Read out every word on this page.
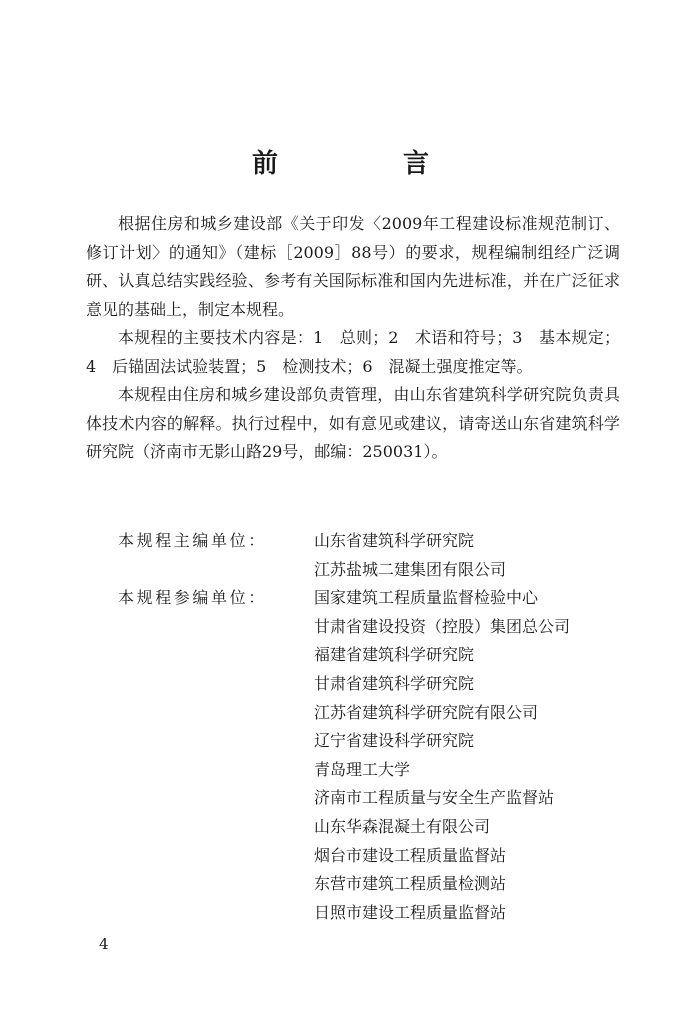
前 言

根据住房和城乡建设部《关于印发〈2009年工程建设标准规范制订、修订计划〉的通知》（建标［2009］88号）的要求，规程编制组经广泛调研、认真总结实践经验、参考有关国际标准和国内先进标准，并在广泛征求意见的基础上，制定本规程。

本规程的主要技术内容是：1　总则；2　术语和符号；3　基本规定；4　后锚固法试验装置；5　检测技术；6　混凝土强度推定等。

本规程由住房和城乡建设部负责管理，由山东省建筑科学研究院负责具体技术内容的解释。执行过程中，如有意见或建议，请寄送山东省建筑科学研究院（济南市无影山路29号，邮编：250031）。

本规程主编单位：	山东省建筑科学研究院
江苏盐城二建集团有限公司
本规程参编单位：	国家建筑工程质量监督检验中心
甘肃省建设投资（控股）集团总公司
福建省建筑科学研究院
甘肃省建筑科学研究院
江苏省建筑科学研究院有限公司
辽宁省建设科学研究院
青岛理工大学
济南市工程质量与安全生产监督站
山东华森混凝土有限公司
烟台市建设工程质量监督站
东营市建筑工程质量检测站
日照市建设工程质量监督站
4
